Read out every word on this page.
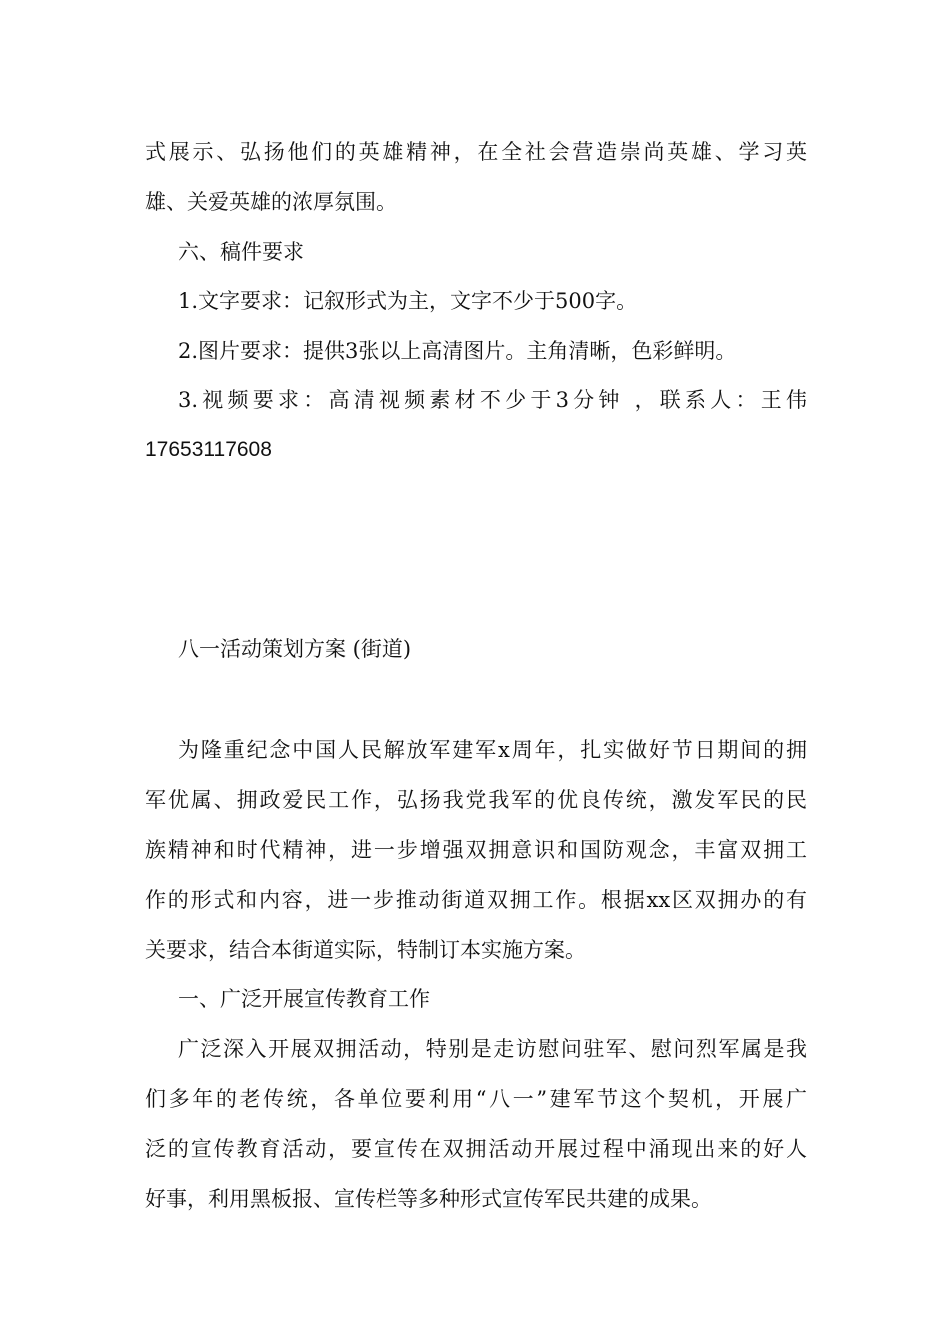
式展示、弘扬他们的英雄精神，在全社会营造崇尚英雄、学习英
雄、关爱英雄的浓厚氛围。
六、稿件要求
1.文字要求：记叙形式为主，文字不少于500字。
2.图片要求：提供3张以上高清图片。主角清晰，色彩鲜明。
3.视频要求：高清视频素材不少于3分钟 ，联系人：王伟
17653117608
八一活动策划方案 (街道)
为隆重纪念中国人民解放军建军x周年，扎实做好节日期间的拥
军优属、拥政爱民工作，弘扬我党我军的优良传统，激发军民的民
族精神和时代精神，进一步增强双拥意识和国防观念，丰富双拥工
作的形式和内容，进一步推动街道双拥工作。根据xx区双拥办的有
关要求，结合本街道实际，特制订本实施方案。
一、广泛开展宣传教育工作
广泛深入开展双拥活动，特别是走访慰问驻军、慰问烈军属是我
们多年的老传统，各单位要利用“八一”建军节这个契机，开展广
泛的宣传教育活动，要宣传在双拥活动开展过程中涌现出来的好人
好事，利用黑板报、宣传栏等多种形式宣传军民共建的成果。
